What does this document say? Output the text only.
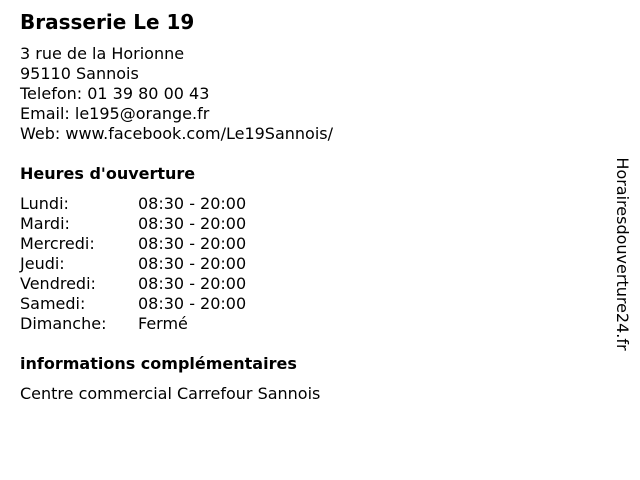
Brasserie Le 19
3 rue de la Horionne
95110 Sannois
Telefon: 01 39 80 00 43
Email: le195@orange.fr
Web: www.facebook.com/Le19Sannois/
Heures d'ouverture
Lundi:	08:30 - 20:00
Mardi:	08:30 - 20:00
Mercredi:	08:30 - 20:00
Jeudi:	08:30 - 20:00
Vendredi:	08:30 - 20:00
Samedi:	08:30 - 20:00
Dimanche:	Fermé
informations complémentaires
Centre commercial Carrefour Sannois
Horairesdouverture24.fr
